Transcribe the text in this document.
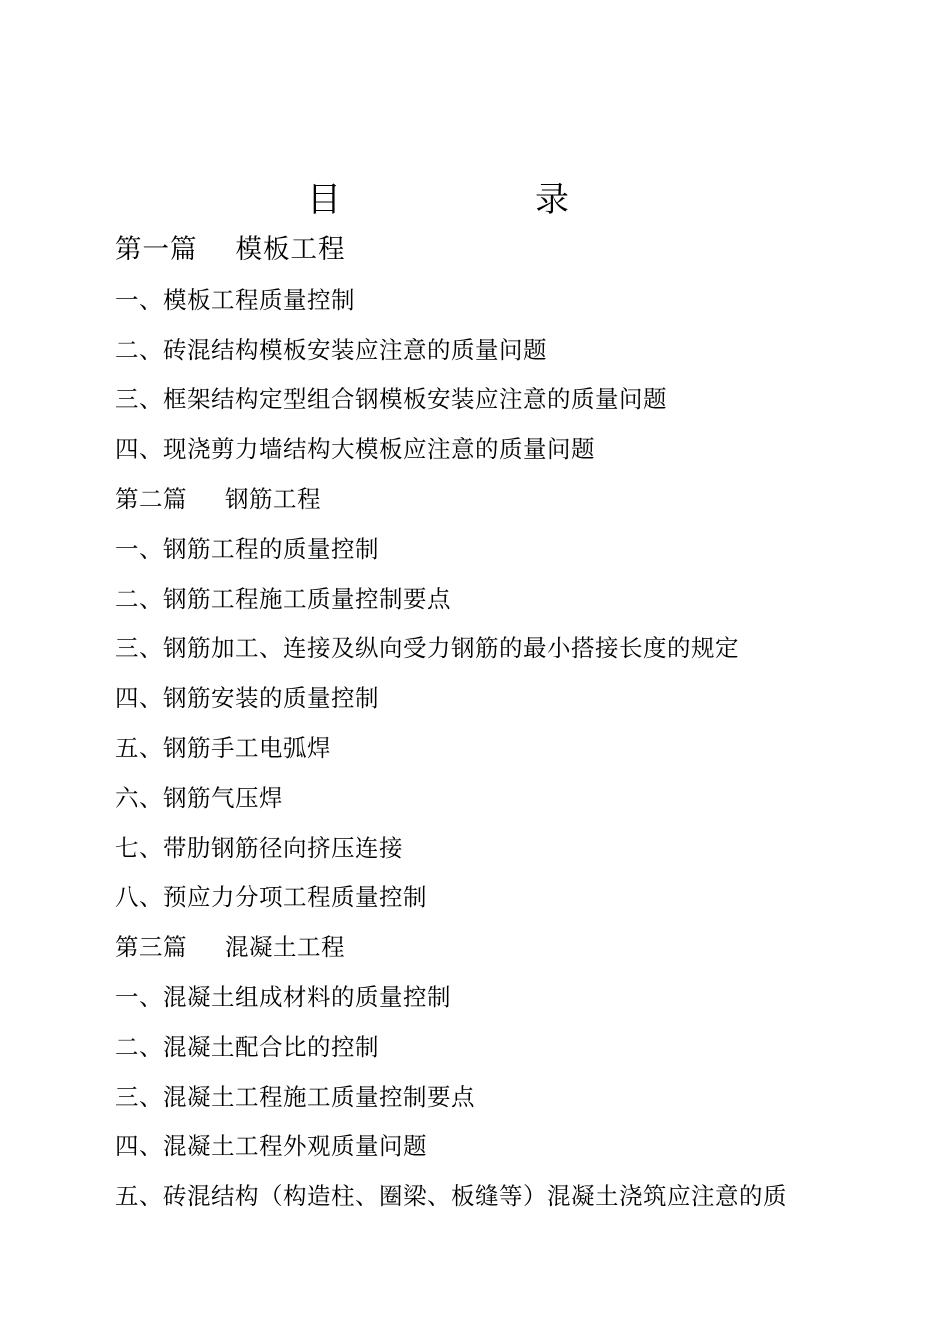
目	录
第一篇 模板工程
一、模板工程质量控制
二、砖混结构模板安装应注意的质量问题
三、框架结构定型组合钢模板安装应注意的质量问题
四、现浇剪力墙结构大模板应注意的质量问题
第二篇 钢筋工程
一、钢筋工程的质量控制
二、钢筋工程施工质量控制要点
三、钢筋加工、连接及纵向受力钢筋的最小搭接长度的规定
四、钢筋安装的质量控制
五、钢筋手工电弧焊
六、钢筋气压焊
七、带肋钢筋径向挤压连接
八、预应力分项工程质量控制
第三篇 混凝土工程
一、混凝土组成材料的质量控制
二、混凝土配合比的控制
三、混凝土工程施工质量控制要点
四、混凝土工程外观质量问题
五、砖混结构（构造柱、圈梁、板缝等）混凝土浇筑应注意的质
